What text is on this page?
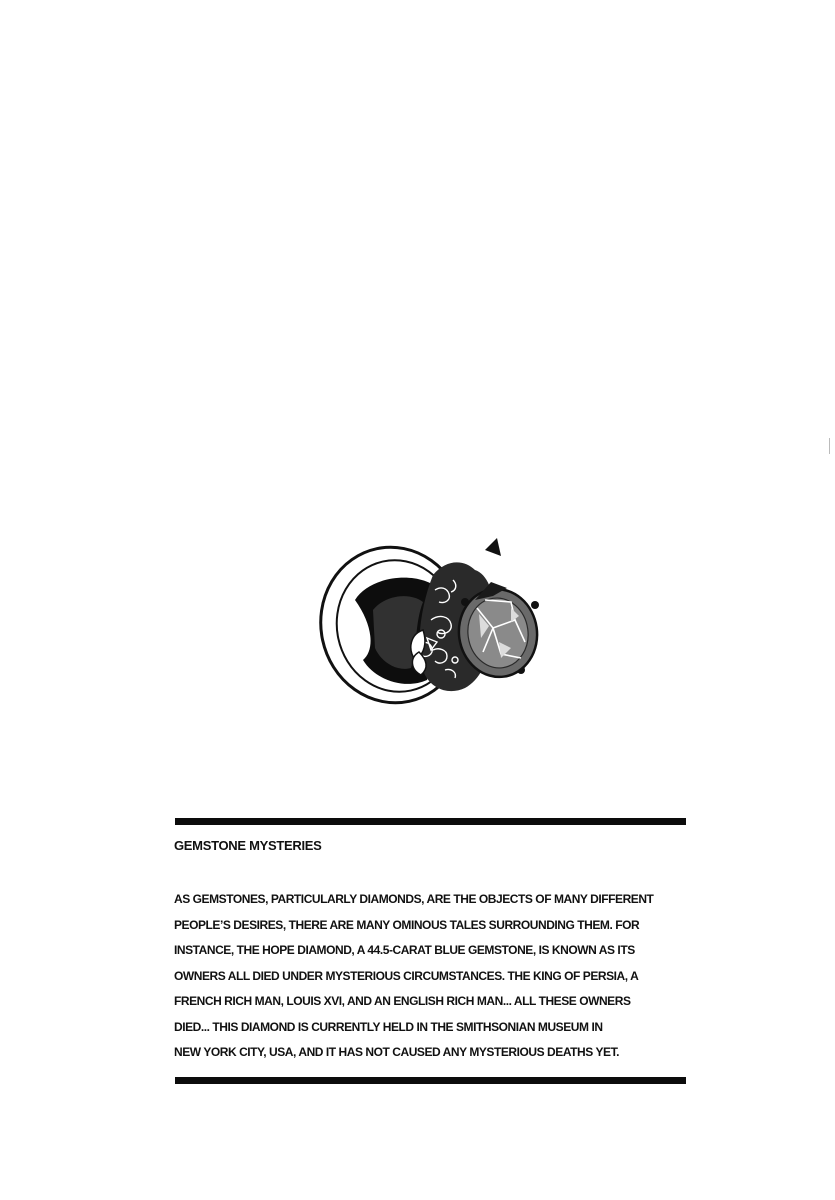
GEMSTONE MYSTERIES

AS GEMSTONES, PARTICULARLY DIAMONDS, ARE THE OBJECTS OF MANY DIFFERENT
PEOPLE’S DESIRES, THERE ARE MANY OMINOUS TALES SURROUNDING THEM. FOR
INSTANCE, THE HOPE DIAMOND, A 44.5-CARAT BLUE GEMSTONE, IS KNOWN AS ITS
OWNERS ALL DIED UNDER MYSTERIOUS CIRCUMSTANCES. THE KING OF PERSIA, A
FRENCH RICH MAN, LOUIS XVI, AND AN ENGLISH RICH MAN... ALL THESE OWNERS
DIED... THIS DIAMOND IS CURRENTLY HELD IN THE SMITHSONIAN MUSEUM IN
NEW YORK CITY, USA, AND IT HAS NOT CAUSED ANY MYSTERIOUS DEATHS YET.
